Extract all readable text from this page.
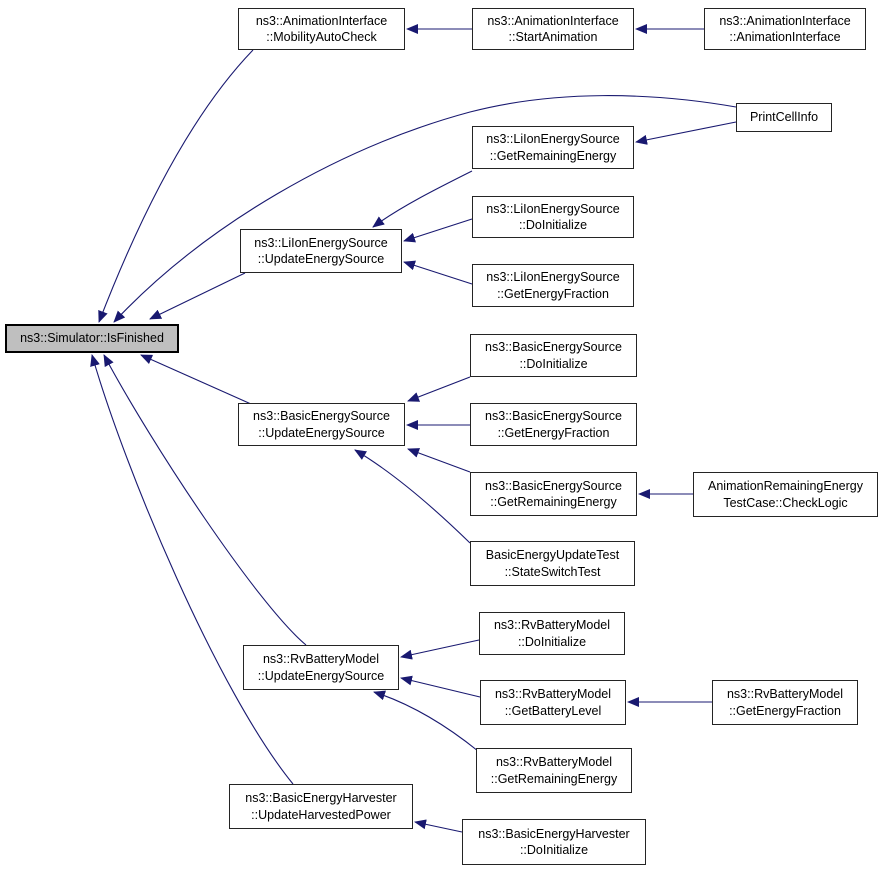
ns3::Simulator::IsFinished
ns3::AnimationInterface
::MobilityAutoCheck
ns3::AnimationInterface
::StartAnimation
ns3::AnimationInterface
::AnimationInterface
PrintCellInfo
ns3::LiIonEnergySource
::GetRemainingEnergy
ns3::LiIonEnergySource
::DoInitialize
ns3::LiIonEnergySource
::GetEnergyFraction
ns3::LiIonEnergySource
::UpdateEnergySource
ns3::BasicEnergySource
::DoInitialize
ns3::BasicEnergySource
::GetEnergyFraction
ns3::BasicEnergySource
::GetRemainingEnergy
BasicEnergyUpdateTest
::StateSwitchTest
AnimationRemainingEnergy
TestCase::CheckLogic
ns3::BasicEnergySource
::UpdateEnergySource
ns3::RvBatteryModel
::DoInitialize
ns3::RvBatteryModel
::GetBatteryLevel
ns3::RvBatteryModel
::GetRemainingEnergy
ns3::RvBatteryModel
::GetEnergyFraction
ns3::RvBatteryModel
::UpdateEnergySource
ns3::BasicEnergyHarvester
::UpdateHarvestedPower
ns3::BasicEnergyHarvester
::DoInitialize
